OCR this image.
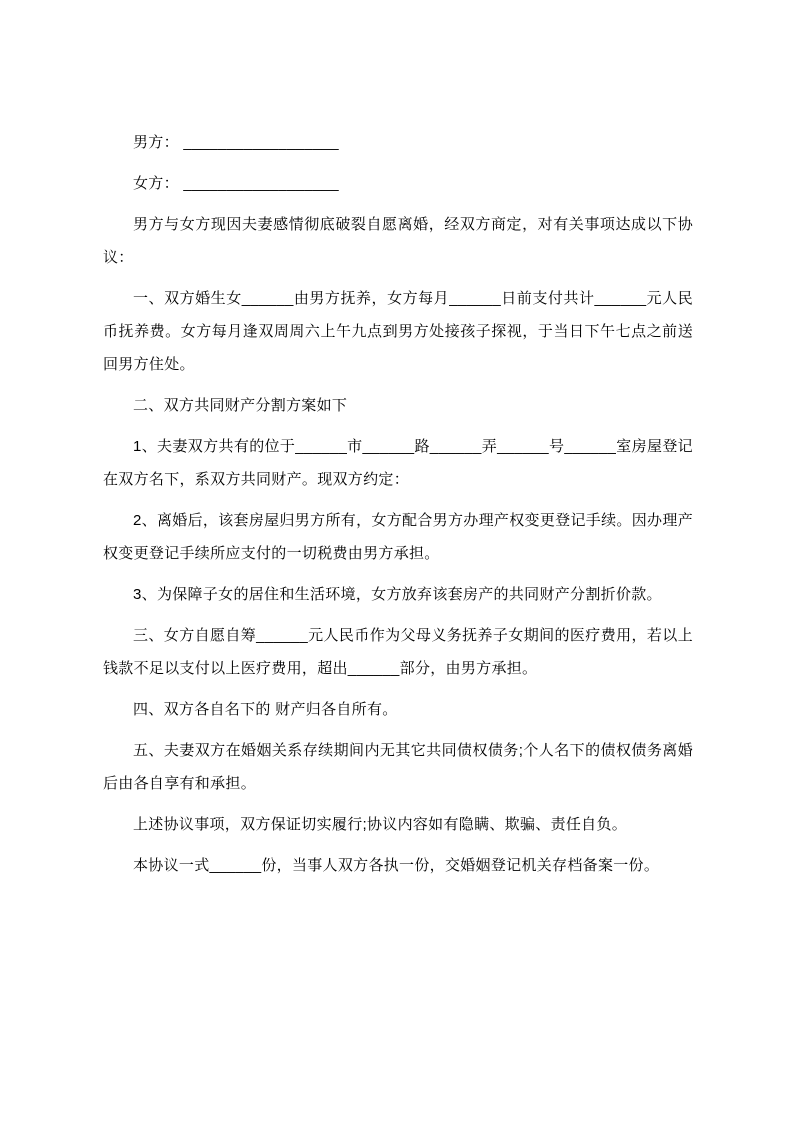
男方： __________________

女方： __________________

男方与女方现因夫妻感情彻底破裂自愿离婚，经双方商定，对有关事项达成以下协议：

一、双方婚生女______由男方抚养，女方每月______日前支付共计______元人民币抚养费。女方每月逢双周周六上午九点到男方处接孩子探视，于当日下午七点之前送回男方住处。

二、双方共同财产分割方案如下

1、夫妻双方共有的位于______市______路______弄______号______室房屋登记在双方名下，系双方共同财产。现双方约定：

2、离婚后，该套房屋归男方所有，女方配合男方办理产权变更登记手续。因办理产权变更登记手续所应支付的一切税费由男方承担。

3、为保障子女的居住和生活环境，女方放弃该套房产的共同财产分割折价款。

三、女方自愿自筹______元人民币作为父母义务抚养子女期间的医疗费用，若以上钱款不足以支付以上医疗费用，超出______部分，由男方承担。

四、双方各自名下的 财产归各自所有。

五、夫妻双方在婚姻关系存续期间内无其它共同债权债务;个人名下的债权债务离婚后由各自享有和承担。

上述协议事项，双方保证切实履行;协议内容如有隐瞒、欺骗、责任自负。

本协议一式______份，当事人双方各执一份，交婚姻登记机关存档备案一份。
